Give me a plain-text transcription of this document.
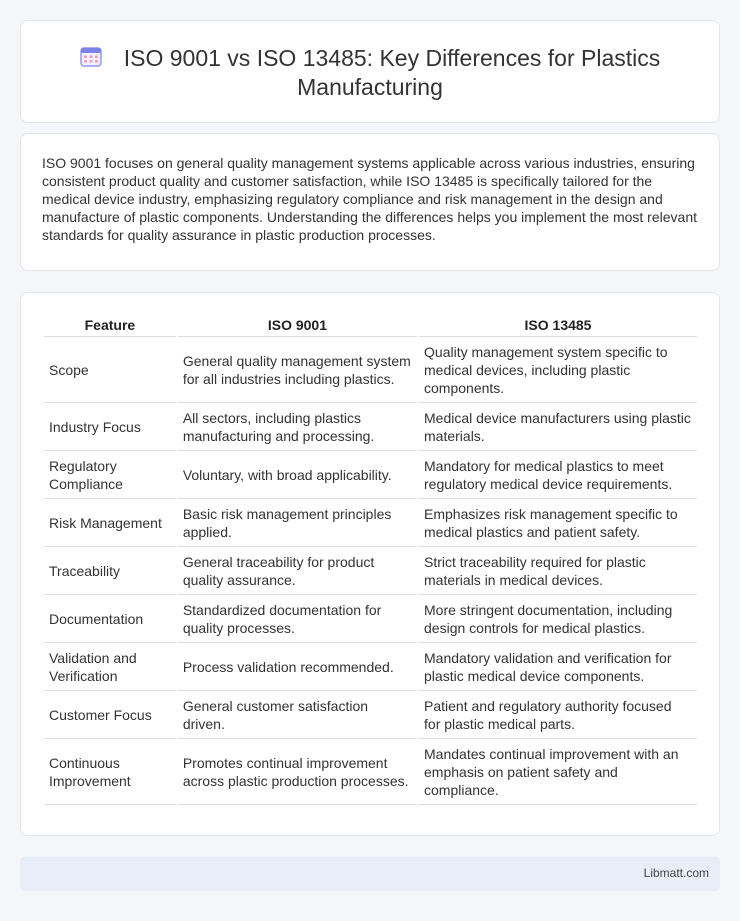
ISO 9001 vs ISO 13485: Key Differences for Plastics
Manufacturing

ISO 9001 focuses on general quality management systems applicable across various industries, ensuring consistent product quality and customer satisfaction, while ISO 13485 is specifically tailored for the medical device industry, emphasizing regulatory compliance and risk management in the design and manufacture of plastic components. Understanding the differences helps you implement the most relevant standards for quality assurance in plastic production processes.

Feature	ISO 9001	ISO 13485
Scope	General quality management system for all industries including plastics.	Quality management system specific to medical devices, including plastic components.
Industry Focus	All sectors, including plastics manufacturing and processing.	Medical device manufacturers using plastic materials.
Regulatory Compliance	Voluntary, with broad applicability.	Mandatory for medical plastics to meet regulatory medical device requirements.
Risk Management	Basic risk management principles applied.	Emphasizes risk management specific to medical plastics and patient safety.
Traceability	General traceability for product quality assurance.	Strict traceability required for plastic materials in medical devices.
Documentation	Standardized documentation for quality processes.	More stringent documentation, including design controls for medical plastics.
Validation and Verification	Process validation recommended.	Mandatory validation and verification for plastic medical device components.
Customer Focus	General customer satisfaction driven.	Patient and regulatory authority focused for plastic medical parts.
Continuous Improvement	Promotes continual improvement across plastic production processes.	Mandates continual improvement with an emphasis on patient safety and compliance.
Libmatt.com
